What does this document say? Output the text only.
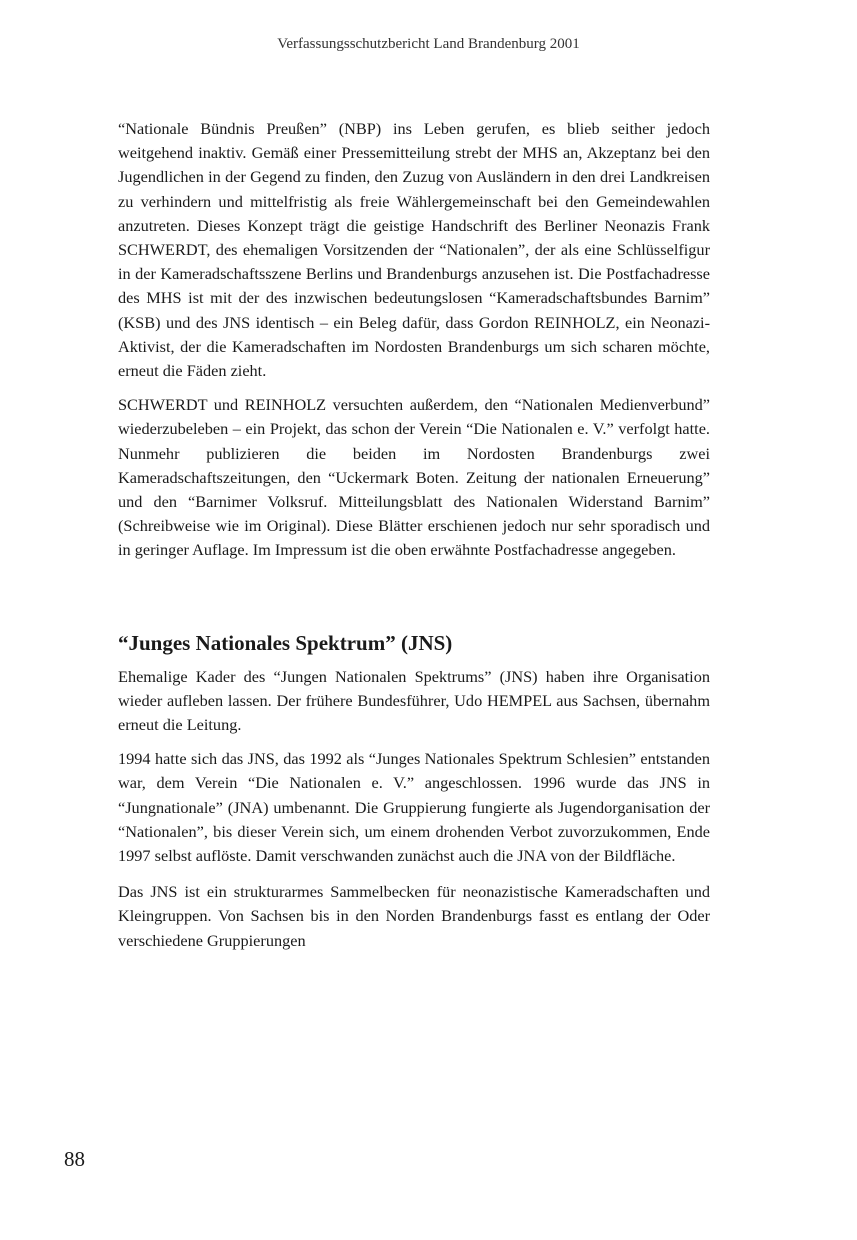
Verfassungsschutzbericht Land Brandenburg 2001

“Nationale Bündnis Preußen” (NBP) ins Leben gerufen, es blieb seither jedoch weitgehend inaktiv. Gemäß einer Pressemitteilung strebt der MHS an, Akzeptanz bei den Jugendlichen in der Gegend zu finden, den Zuzug von Ausländern in den drei Landkreisen zu verhindern und mittelfristig als freie Wählergemeinschaft bei den Gemeindewahlen anzutreten. Dieses Konzept trägt die geistige Handschrift des Berliner Neonazis Frank SCHWERDT, des ehemaligen Vorsitzenden der “Nationalen”, der als eine Schlüsselfigur in der Kameradschaftsszene Berlins und Brandenburgs anzusehen ist. Die Postfachadresse des MHS ist mit der des inzwischen bedeutungslosen “Kameradschaftsbundes Barnim” (KSB) und des JNS identisch – ein Beleg dafür, dass Gordon REINHOLZ, ein Neonazi-Aktivist, der die Kameradschaften im Nordosten Brandenburgs um sich scharen möchte, erneut die Fäden zieht.

SCHWERDT und REINHOLZ versuchten außerdem, den “Nationalen Medienverbund” wiederzubeleben – ein Projekt, das schon der Verein “Die Nationalen e. V.” verfolgt hatte. Nunmehr publizieren die beiden im Nordosten Brandenburgs zwei Kameradschaftszeitungen, den “Uckermark Boten. Zeitung der nationalen Erneuerung” und den “Barnimer Volksruf. Mitteilungsblatt des Nationalen Widerstand Barnim” (Schreibweise wie im Original). Diese Blätter erschienen jedoch nur sehr sporadisch und in geringer Auflage. Im Impressum ist die oben erwähnte Postfachadresse angegeben.

“Junges Nationales Spektrum” (JNS)

Ehemalige Kader des “Jungen Nationalen Spektrums” (JNS) haben ihre Organisation wieder aufleben lassen. Der frühere Bundesführer, Udo HEMPEL aus Sachsen, übernahm erneut die Leitung.

1994 hatte sich das JNS, das 1992 als “Junges Nationales Spektrum Schlesien” entstanden war, dem Verein “Die Nationalen e. V.” angeschlossen. 1996 wurde das JNS in “Jungnationale” (JNA) umbenannt. Die Gruppierung fungierte als Jugendorganisation der “Nationalen”, bis dieser Verein sich, um einem drohenden Verbot zuvorzukommen, Ende 1997 selbst auflöste. Damit verschwanden zunächst auch die JNA von der Bildfläche.

Das JNS ist ein strukturarmes Sammelbecken für neonazistische Kameradschaften und Kleingruppen. Von Sachsen bis in den Norden Brandenburgs fasst es entlang der Oder verschiedene Gruppierungen

88
